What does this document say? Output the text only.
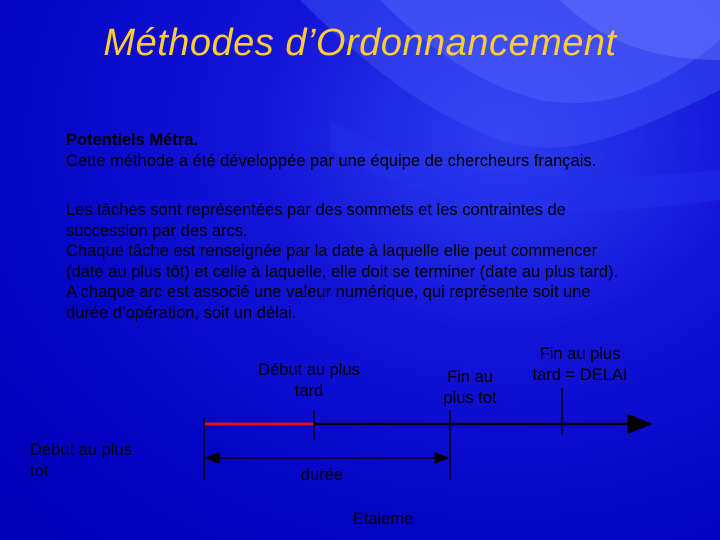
Méthodes d’Ordonnancement
Potentiels Métra.
Cette méthode a été développée par une équipe de chercheurs français.
Les tâches sont représentées par des sommets et les contraintes de
succession par des arcs.
Chaque tâche est renseignée par la date à laquelle elle peut commencer
(date au plus tôt) et celle à laquelle, elle doit se terminer (date au plus tard).
A chaque arc est associé une valeur numérique, qui représente soit une
durée d’opération, soit un délai.
Début au plus
tard
Fin au
plus tot
Fin au plus
tard = DELAI
Début au plus
tot	durée
Etaleme
